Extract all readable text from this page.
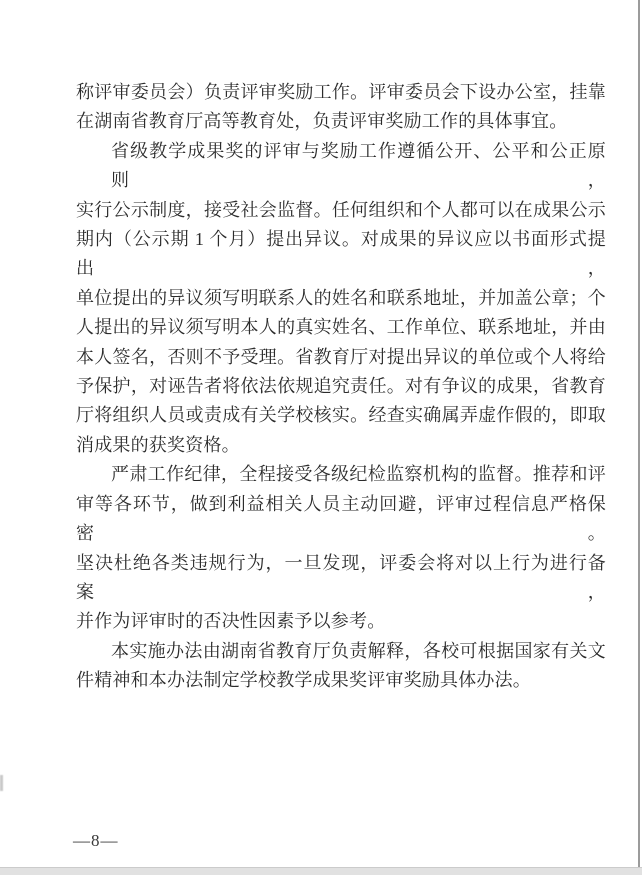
称评审委员会）负责评审奖励工作。评审委员会下设办公室，挂靠
在湖南省教育厅高等教育处，负责评审奖励工作的具体事宜。
省级教学成果奖的评审与奖励工作遵循公开、公平和公正原则，
实行公示制度，接受社会监督。任何组织和个人都可以在成果公示
期内（公示期 1 个月）提出异议。对成果的异议应以书面形式提出，
单位提出的异议须写明联系人的姓名和联系地址，并加盖公章；个
人提出的异议须写明本人的真实姓名、工作单位、联系地址，并由
本人签名，否则不予受理。省教育厅对提出异议的单位或个人将给
予保护，对诬告者将依法依规追究责任。对有争议的成果，省教育
厅将组织人员或责成有关学校核实。经查实确属弄虚作假的，即取
消成果的获奖资格。
严肃工作纪律，全程接受各级纪检监察机构的监督。推荐和评
审等各环节，做到利益相关人员主动回避，评审过程信息严格保密。
坚决杜绝各类违规行为，一旦发现，评委会将对以上行为进行备案，
并作为评审时的否决性因素予以参考。
本实施办法由湖南省教育厅负责解释，各校可根据国家有关文
件精神和本办法制定学校教学成果奖评审奖励具体办法。
—8—
